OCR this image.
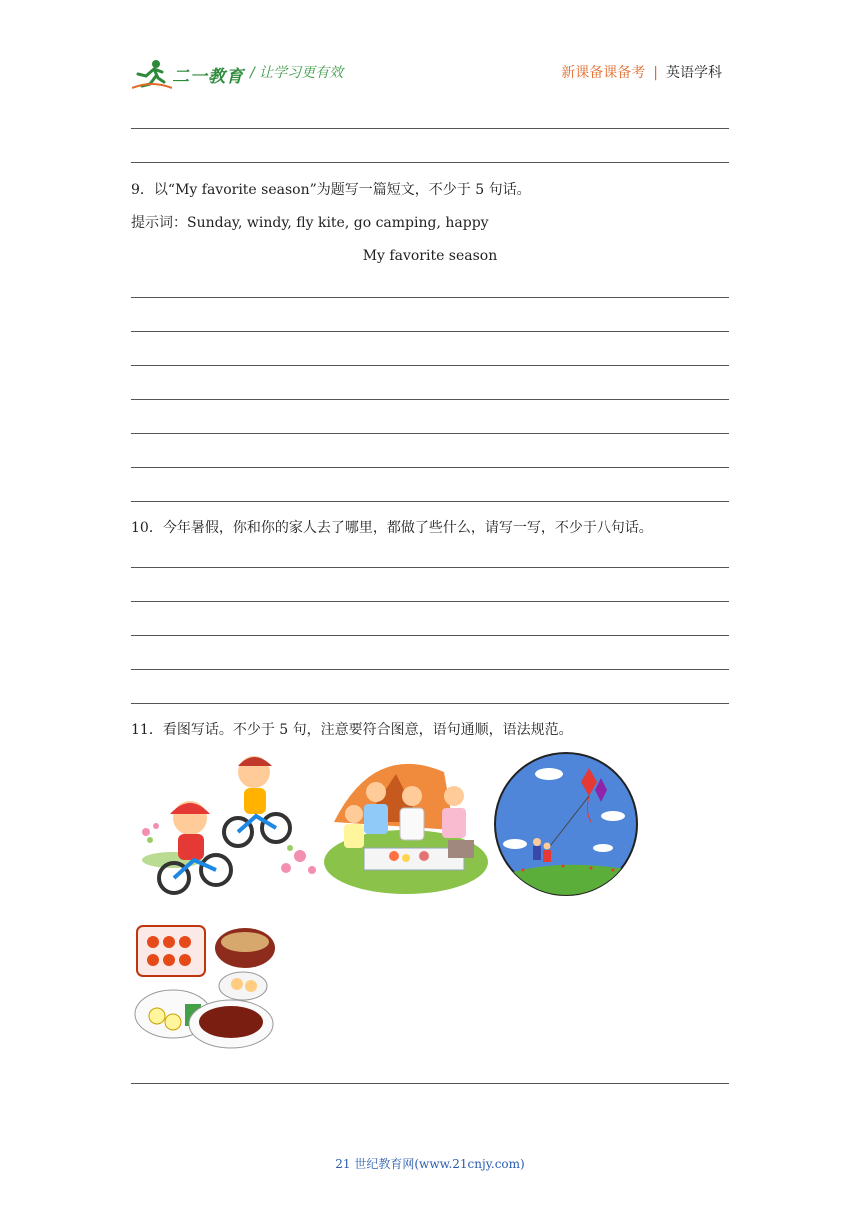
二一教育 / 让学习更有效	新课备课备考 | 英语学科
9．以“My favorite season”为题写一篇短文，不少于 5 句话。
提示词：Sunday, windy, fly kite, go camping, happy
My favorite season
10．今年暑假，你和你的家人去了哪里，都做了些什么，请写一写，不少于八句话。
11．看图写话。不少于 5 句，注意要符合图意，语句通顺，语法规范。
21 世纪教育网(www.21cnjy.com)
